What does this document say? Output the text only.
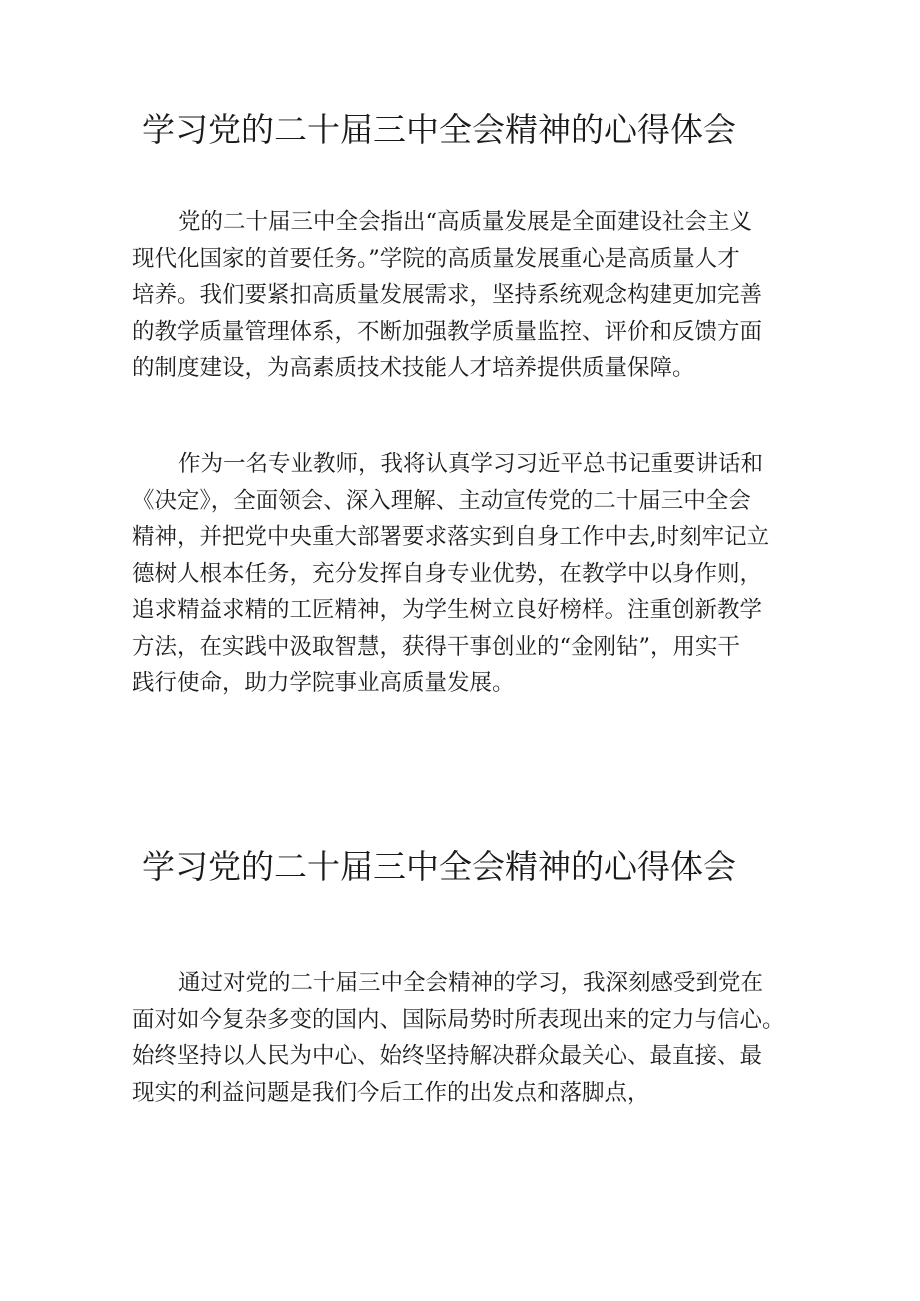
学习党的二十届三中全会精神的心得体会
党的二十届三中全会指出“高质量发展是全面建设社会主义
现代化国家的首要任务。”学院的高质量发展重心是高质量人才
培养。我们要紧扣高质量发展需求，坚持系统观念构建更加完善
的教学质量管理体系，不断加强教学质量监控、评价和反馈方面
的制度建设，为高素质技术技能人才培养提供质量保障。
作为一名专业教师，我将认真学习习近平总书记重要讲话和
《决定》，全面领会、深入理解、主动宣传党的二十届三中全会
精神，并把党中央重大部署要求落实到自身工作中去,时刻牢记立
德树人根本任务，充分发挥自身专业优势，在教学中以身作则，
追求精益求精的工匠精神，为学生树立良好榜样。注重创新教学
方法，在实践中汲取智慧，获得干事创业的“金刚钻”，用实干
践行使命，助力学院事业高质量发展。
学习党的二十届三中全会精神的心得体会
通过对党的二十届三中全会精神的学习，我深刻感受到党在
面对如今复杂多变的国内、国际局势时所表现出来的定力与信心。
始终坚持以人民为中心、始终坚持解决群众最关心、最直接、最
现实的利益问题是我们今后工作的出发点和落脚点，
